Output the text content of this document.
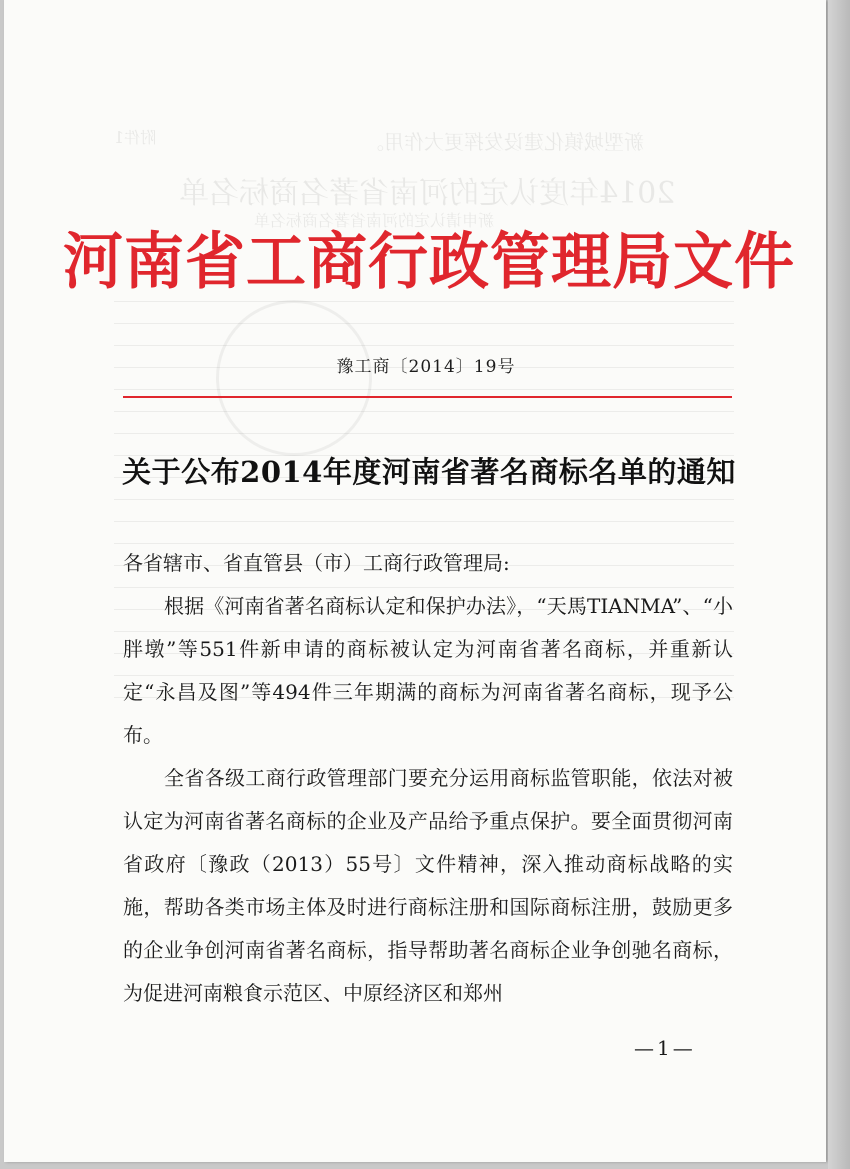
附件1	新型城镇化建设发挥更大作用。
2014年度认定的河南省著名商标名单
新申请认定的河南省著名商标名单
河南省工商行政管理局文件
豫工商〔2014〕19号
关于公布2014年度河南省著名商标名单的通知
各省辖市、省直管县（市）工商行政管理局:
根据《河南省著名商标认定和保护办法》，“天馬TIANMA”、“小胖墩”等551件新申请的商标被认定为河南省著名商标，并重新认定“永昌及图”等494件三年期满的商标为河南省著名商标，现予公布。
全省各级工商行政管理部门要充分运用商标监管职能，依法对被认定为河南省著名商标的企业及产品给予重点保护。要全面贯彻河南省政府〔豫政（2013）55号〕文件精神，深入推动商标战略的实施，帮助各类市场主体及时进行商标注册和国际商标注册，鼓励更多的企业争创河南省著名商标，指导帮助著名商标企业争创驰名商标，为促进河南粮食示范区、中原经济区和郑州
—1—
